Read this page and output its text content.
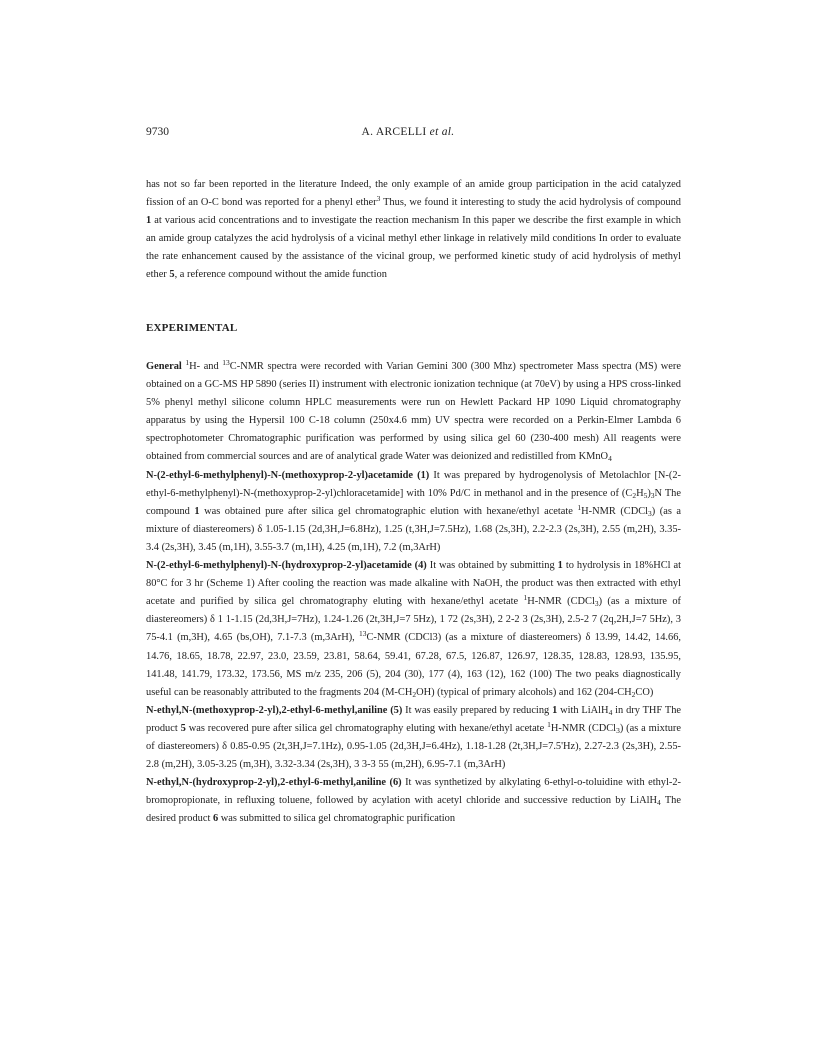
9730	A. ARCELLI et al.
has not so far been reported in the literature Indeed, the only example of an amide group participation in the acid catalyzed fission of an O-C bond was reported for a phenyl ether$^3$ Thus, we found it interesting to study the acid hydrolysis of compound 1 at various acid concentrations and to investigate the reaction mechanism In this paper we describe the first example in which an amide group catalyzes the acid hydrolysis of a vicinal methyl ether linkage in relatively mild conditions In order to evaluate the rate enhancement caused by the assistance of the vicinal group, we performed kinetic study of acid hydrolysis of methyl ether 5, a reference compound without the amide function
EXPERIMENTAL

General $^1$H- and $^{13}$C-NMR spectra were recorded with Varian Gemini 300 (300 Mhz) spectrometer Mass spectra (MS) were obtained on a GC-MS HP 5890 (series II) instrument with electronic ionization technique (at 70eV) by using a HPS cross-linked 5% phenyl methyl silicone column HPLC measurements were run on Hewlett Packard HP 1090 Liquid chromatography apparatus by using the Hypersil 100 C-18 column (250x4.6 mm) UV spectra were recorded on a Perkin-Elmer Lambda 6 spectrophotometer Chromatographic purification was performed by using silica gel 60 (230-400 mesh) All reagents were obtained from commercial sources and are of analytical grade Water was deionized and redistilled from KMnO$_4$

N-(2-ethyl-6-methylphenyl)-N-(methoxyprop-2-yl)acetamide (1) It was prepared by hydrogenolysis of Metolachlor [N-(2-ethyl-6-methylphenyl)-N-(methoxyprop-2-yl)chloracetamide] with 10% Pd/C in methanol and in the presence of $(C_2H_5)_3N$ The compound 1 was obtained pure after silica gel chromatographic elution with hexane/ethyl acetate $^1$H-NMR (CDCl$_3$) (as a mixture of diastereomers) δ 1.05-1.15 (2d,3H,J=6.8Hz), 1.25 (t,3H,J=7.5Hz), 1.68 (2s,3H), 2.2-2.3 (2s,3H), 2.55 (m,2H), 3.35-3.4 (2s,3H), 3.45 (m,1H), 3.55-3.7 (m,1H), 4.25 (m,1H), 7.2 (m,3ArH)

N-(2-ethyl-6-methylphenyl)-N-(hydroxyprop-2-yl)acetamide (4) It was obtained by submitting 1 to hydrolysis in 18%HCl at 80°C for 3 hr (Scheme 1) After cooling the reaction was made alkaline with NaOH, the product was then extracted with ethyl acetate and purified by silica gel chromatography eluting with hexane/ethyl acetate $^1$H-NMR (CDCl$_3$) (as a mixture of diastereomers) δ 1 1-1.15 (2d,3H,J=7Hz), 1.24-1.26 (2t,3H,J=7 5Hz), 1 72 (2s,3H), 2 2-2 3 (2s,3H), 2.5-2 7 (2q,2H,J=7 5Hz), 3 75-4.1 (m,3H), 4.65 (bs,OH), 7.1-7.3 (m,3ArH), $^{13}$C-NMR (CDCl3) (as a mixture of diastereomers) δ 13.99, 14.42, 14.66, 14.76, 18.65, 18.78, 22.97, 23.0, 23.59, 23.81, 58.64, 59.41, 67.28, 67.5, 126.87, 126.97, 128.35, 128.83, 128.93, 135.95, 141.48, 141.79, 173.32, 173.56, MS m/z 235, 206 (5), 204 (30), 177 (4), 163 (12), 162 (100) The two peaks diagnostically useful can be reasonably attributed to the fragments 204 $(M-CH_2OH)$ (typical of primary alcohols) and 162 $(204-CH_2CO)$

N-ethyl,N-(methoxyprop-2-yl),2-ethyl-6-methyl,aniline (5) It was easily prepared by reducing 1 with LiAlH$_4$ in dry THF The product 5 was recovered pure after silica gel chromatography eluting with hexane/ethyl acetate $^1$H-NMR (CDCl$_3$) (as a mixture of diastereomers) δ 0.85-0.95 (2t,3H,J=7.1Hz), 0.95-1.05 (2d,3H,J=6.4Hz), 1.18-1.28 (2t,3H,J=7.5'Hz), 2.27-2.3 (2s,3H), 2.55-2.8 (m,2H), 3.05-3.25 (m,3H), 3.32-3.34 (2s,3H), 3 3-3 55 (m,2H), 6.95-7.1 (m,3ArH)

N-ethyl,N-(hydroxyprop-2-yl),2-ethyl-6-methyl,aniline (6) It was synthetized by alkylating 6-ethyl-o-toluidine with ethyl-2-bromopropionate, in refluxing toluene, followed by acylation with acetyl chloride and successive reduction by LiAlH$_4$ The desired product 6 was submitted to silica gel chromatographic purification
